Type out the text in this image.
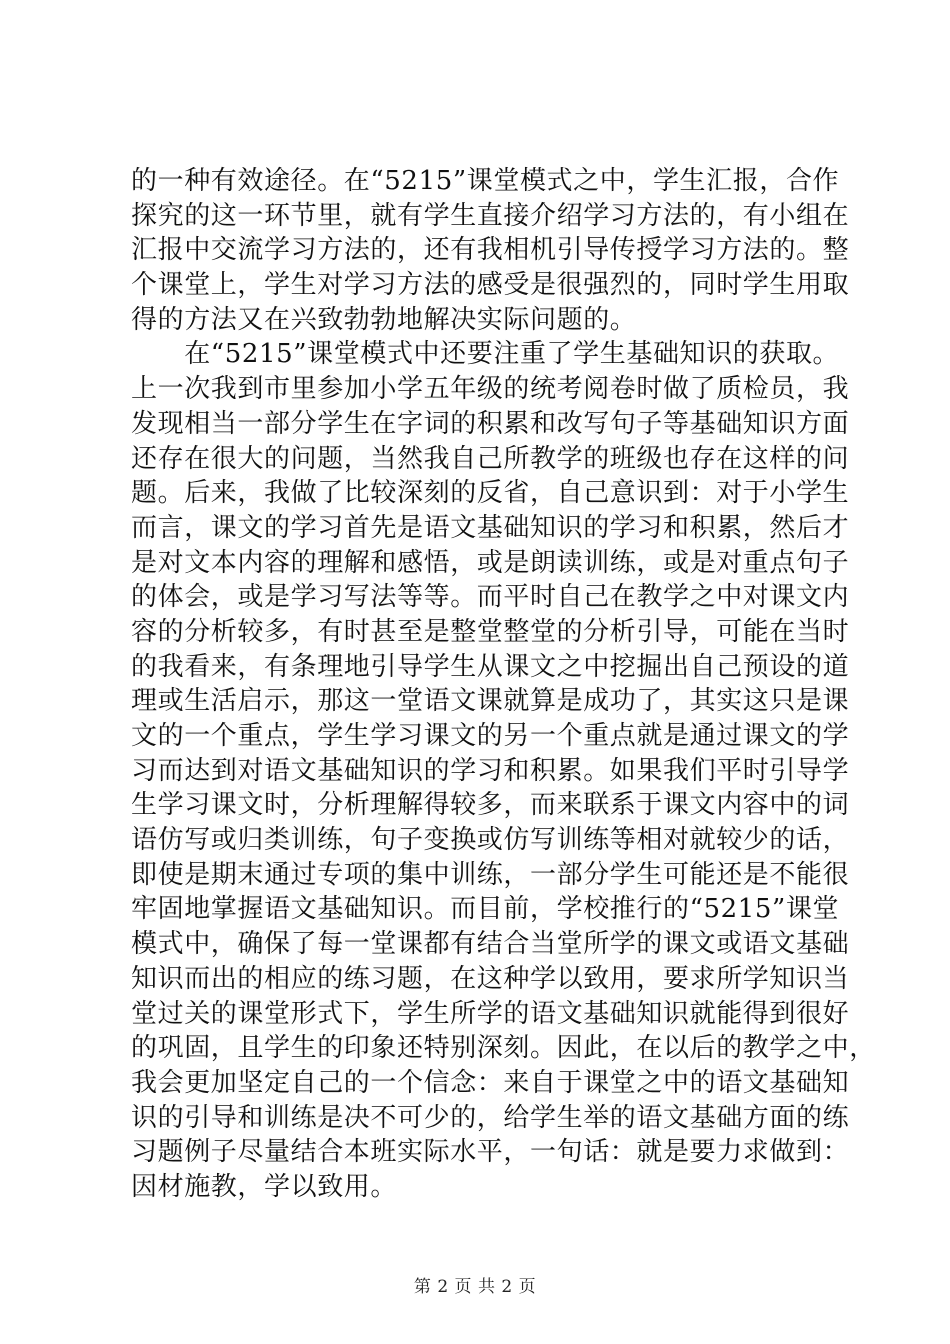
的一种有效途径。在“5215”课堂模式之中，学生汇报，合作
探究的这一环节里，就有学生直接介绍学习方法的，有小组在
汇报中交流学习方法的，还有我相机引导传授学习方法的。整
个课堂上，学生对学习方法的感受是很强烈的，同时学生用取
得的方法又在兴致勃勃地解决实际问题的。
　　在“5215”课堂模式中还要注重了学生基础知识的获取。
上一次我到市里参加小学五年级的统考阅卷时做了质检员，我
发现相当一部分学生在字词的积累和改写句子等基础知识方面
还存在很大的问题，当然我自己所教学的班级也存在这样的问
题。后来，我做了比较深刻的反省，自己意识到：对于小学生
而言，课文的学习首先是语文基础知识的学习和积累，然后才
是对文本内容的理解和感悟，或是朗读训练，或是对重点句子
的体会，或是学习写法等等。而平时自己在教学之中对课文内
容的分析较多，有时甚至是整堂整堂的分析引导，可能在当时
的我看来，有条理地引导学生从课文之中挖掘出自己预设的道
理或生活启示，那这一堂语文课就算是成功了，其实这只是课
文的一个重点，学生学习课文的另一个重点就是通过课文的学
习而达到对语文基础知识的学习和积累。如果我们平时引导学
生学习课文时，分析理解得较多，而来联系于课文内容中的词
语仿写或归类训练，句子变换或仿写训练等相对就较少的话，
即使是期末通过专项的集中训练，一部分学生可能还是不能很
牢固地掌握语文基础知识。而目前，学校推行的“5215”课堂
模式中，确保了每一堂课都有结合当堂所学的课文或语文基础
知识而出的相应的练习题，在这种学以致用，要求所学知识当
堂过关的课堂形式下，学生所学的语文基础知识就能得到很好
的巩固，且学生的印象还特别深刻。因此，在以后的教学之中，
我会更加坚定自己的一个信念：来自于课堂之中的语文基础知
识的引导和训练是决不可少的，给学生举的语文基础方面的练
习题例子尽量结合本班实际水平，一句话：就是要力求做到：
因材施教，学以致用。
第 2 页 共 2 页
